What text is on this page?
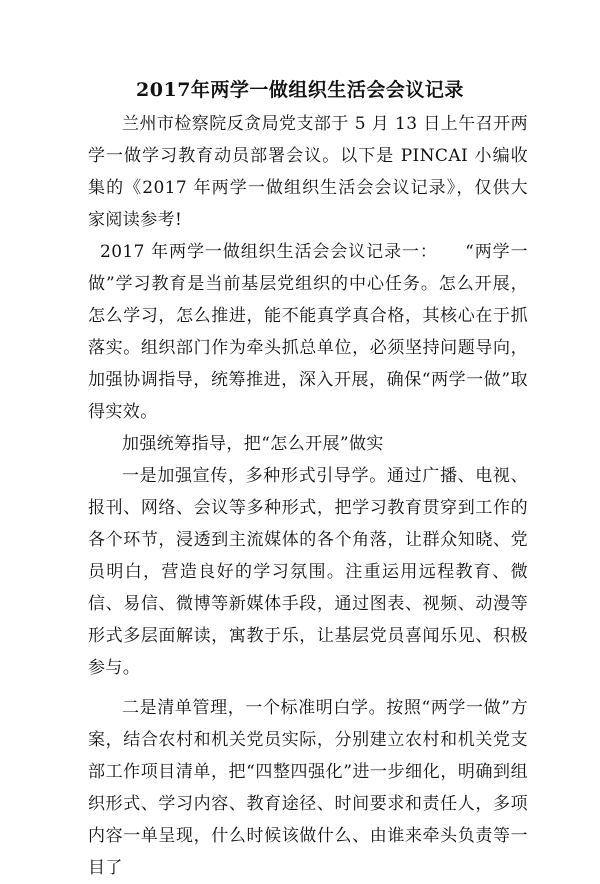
2017年两学一做组织生活会会议记录

兰州市检察院反贪局党支部于 5 月 13 日上午召开两学一做学习教育动员部署会议。以下是 PINCAI 小编收集的《2017 年两学一做组织生活会会议记录》，仅供大家阅读参考!

2017 年两学一做组织生活会会议记录一：　　“两学一做”学习教育是当前基层党组织的中心任务。怎么开展，怎么学习，怎么推进，能不能真学真合格，其核心在于抓落实。组织部门作为牵头抓总单位，必须坚持问题导向，加强协调指导，统筹推进，深入开展，确保“两学一做”取得实效。

加强统筹指导，把“怎么开展”做实

一是加强宣传，多种形式引导学。通过广播、电视、报刊、网络、会议等多种形式，把学习教育贯穿到工作的各个环节，浸透到主流媒体的各个角落，让群众知晓、党员明白，营造良好的学习氛围。注重运用远程教育、微信、易信、微博等新媒体手段，通过图表、视频、动漫等形式多层面解读，寓教于乐，让基层党员喜闻乐见、积极参与。

二是清单管理，一个标准明白学。按照“两学一做”方案，结合农村和机关党员实际，分别建立农村和机关党支部工作项目清单，把“四整四强化”进一步细化，明确到组织形式、学习内容、教育途径、时间要求和责任人，多项内容一单呈现，什么时候该做什么、由谁来牵头负责等一目了
